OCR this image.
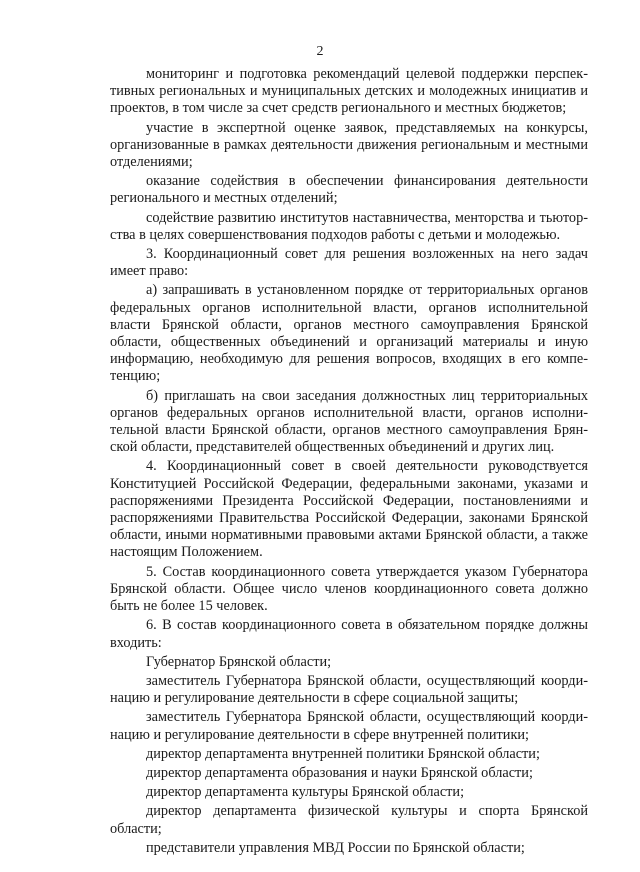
2

мониторинг и подготовка рекомендаций целевой поддержки перспективных региональных и муниципальных детских и молодежных инициатив и проектов, в том числе за счет средств регионального и местных бюджетов;

участие в экспертной оценке заявок, представляемых на конкурсы, организованные в рамках деятельности движения региональным и местными отделениями;

оказание содействия в обеспечении финансирования деятельности регионального и местных отделений;

содействие развитию институтов наставничества, менторства и тьюторства в целях совершенствования подходов работы с детьми и молодежью.

3. Координационный совет для решения возложенных на него задач имеет право:

а) запрашивать в установленном порядке от территориальных органов федеральных органов исполнительной власти, органов исполнительной власти Брянской области, органов местного самоуправления Брянской области, общественных объединений и организаций материалы и иную информацию, необходимую для решения вопросов, входящих в его компетенцию;

б) приглашать на свои заседания должностных лиц территориальных органов федеральных органов исполнительной власти, органов исполнительной власти Брянской области, органов местного самоуправления Брянской области, представителей общественных объединений и других лиц.

4. Координационный совет в своей деятельности руководствуется Конституцией Российской Федерации, федеральными законами, указами и распоряжениями Президента Российской Федерации, постановлениями и распоряжениями Правительства Российской Федерации, законами Брянской области, иными нормативными правовыми актами Брянской области, а также настоящим Положением.

5. Состав координационного совета утверждается указом Губернатора Брянской области. Общее число членов координационного совета должно быть не более 15 человек.

6. В состав координационного совета в обязательном порядке должны входить:

Губернатор Брянской области;

заместитель Губернатора Брянской области, осуществляющий координацию и регулирование деятельности в сфере социальной защиты;

заместитель Губернатора Брянской области, осуществляющий координацию и регулирование деятельности в сфере внутренней политики;

директор департамента внутренней политики Брянской области;

директор департамента образования и науки Брянской области;

директор департамента культуры Брянской области;

директор департамента физической культуры и спорта Брянской области;

представители управления МВД России по Брянской области;
